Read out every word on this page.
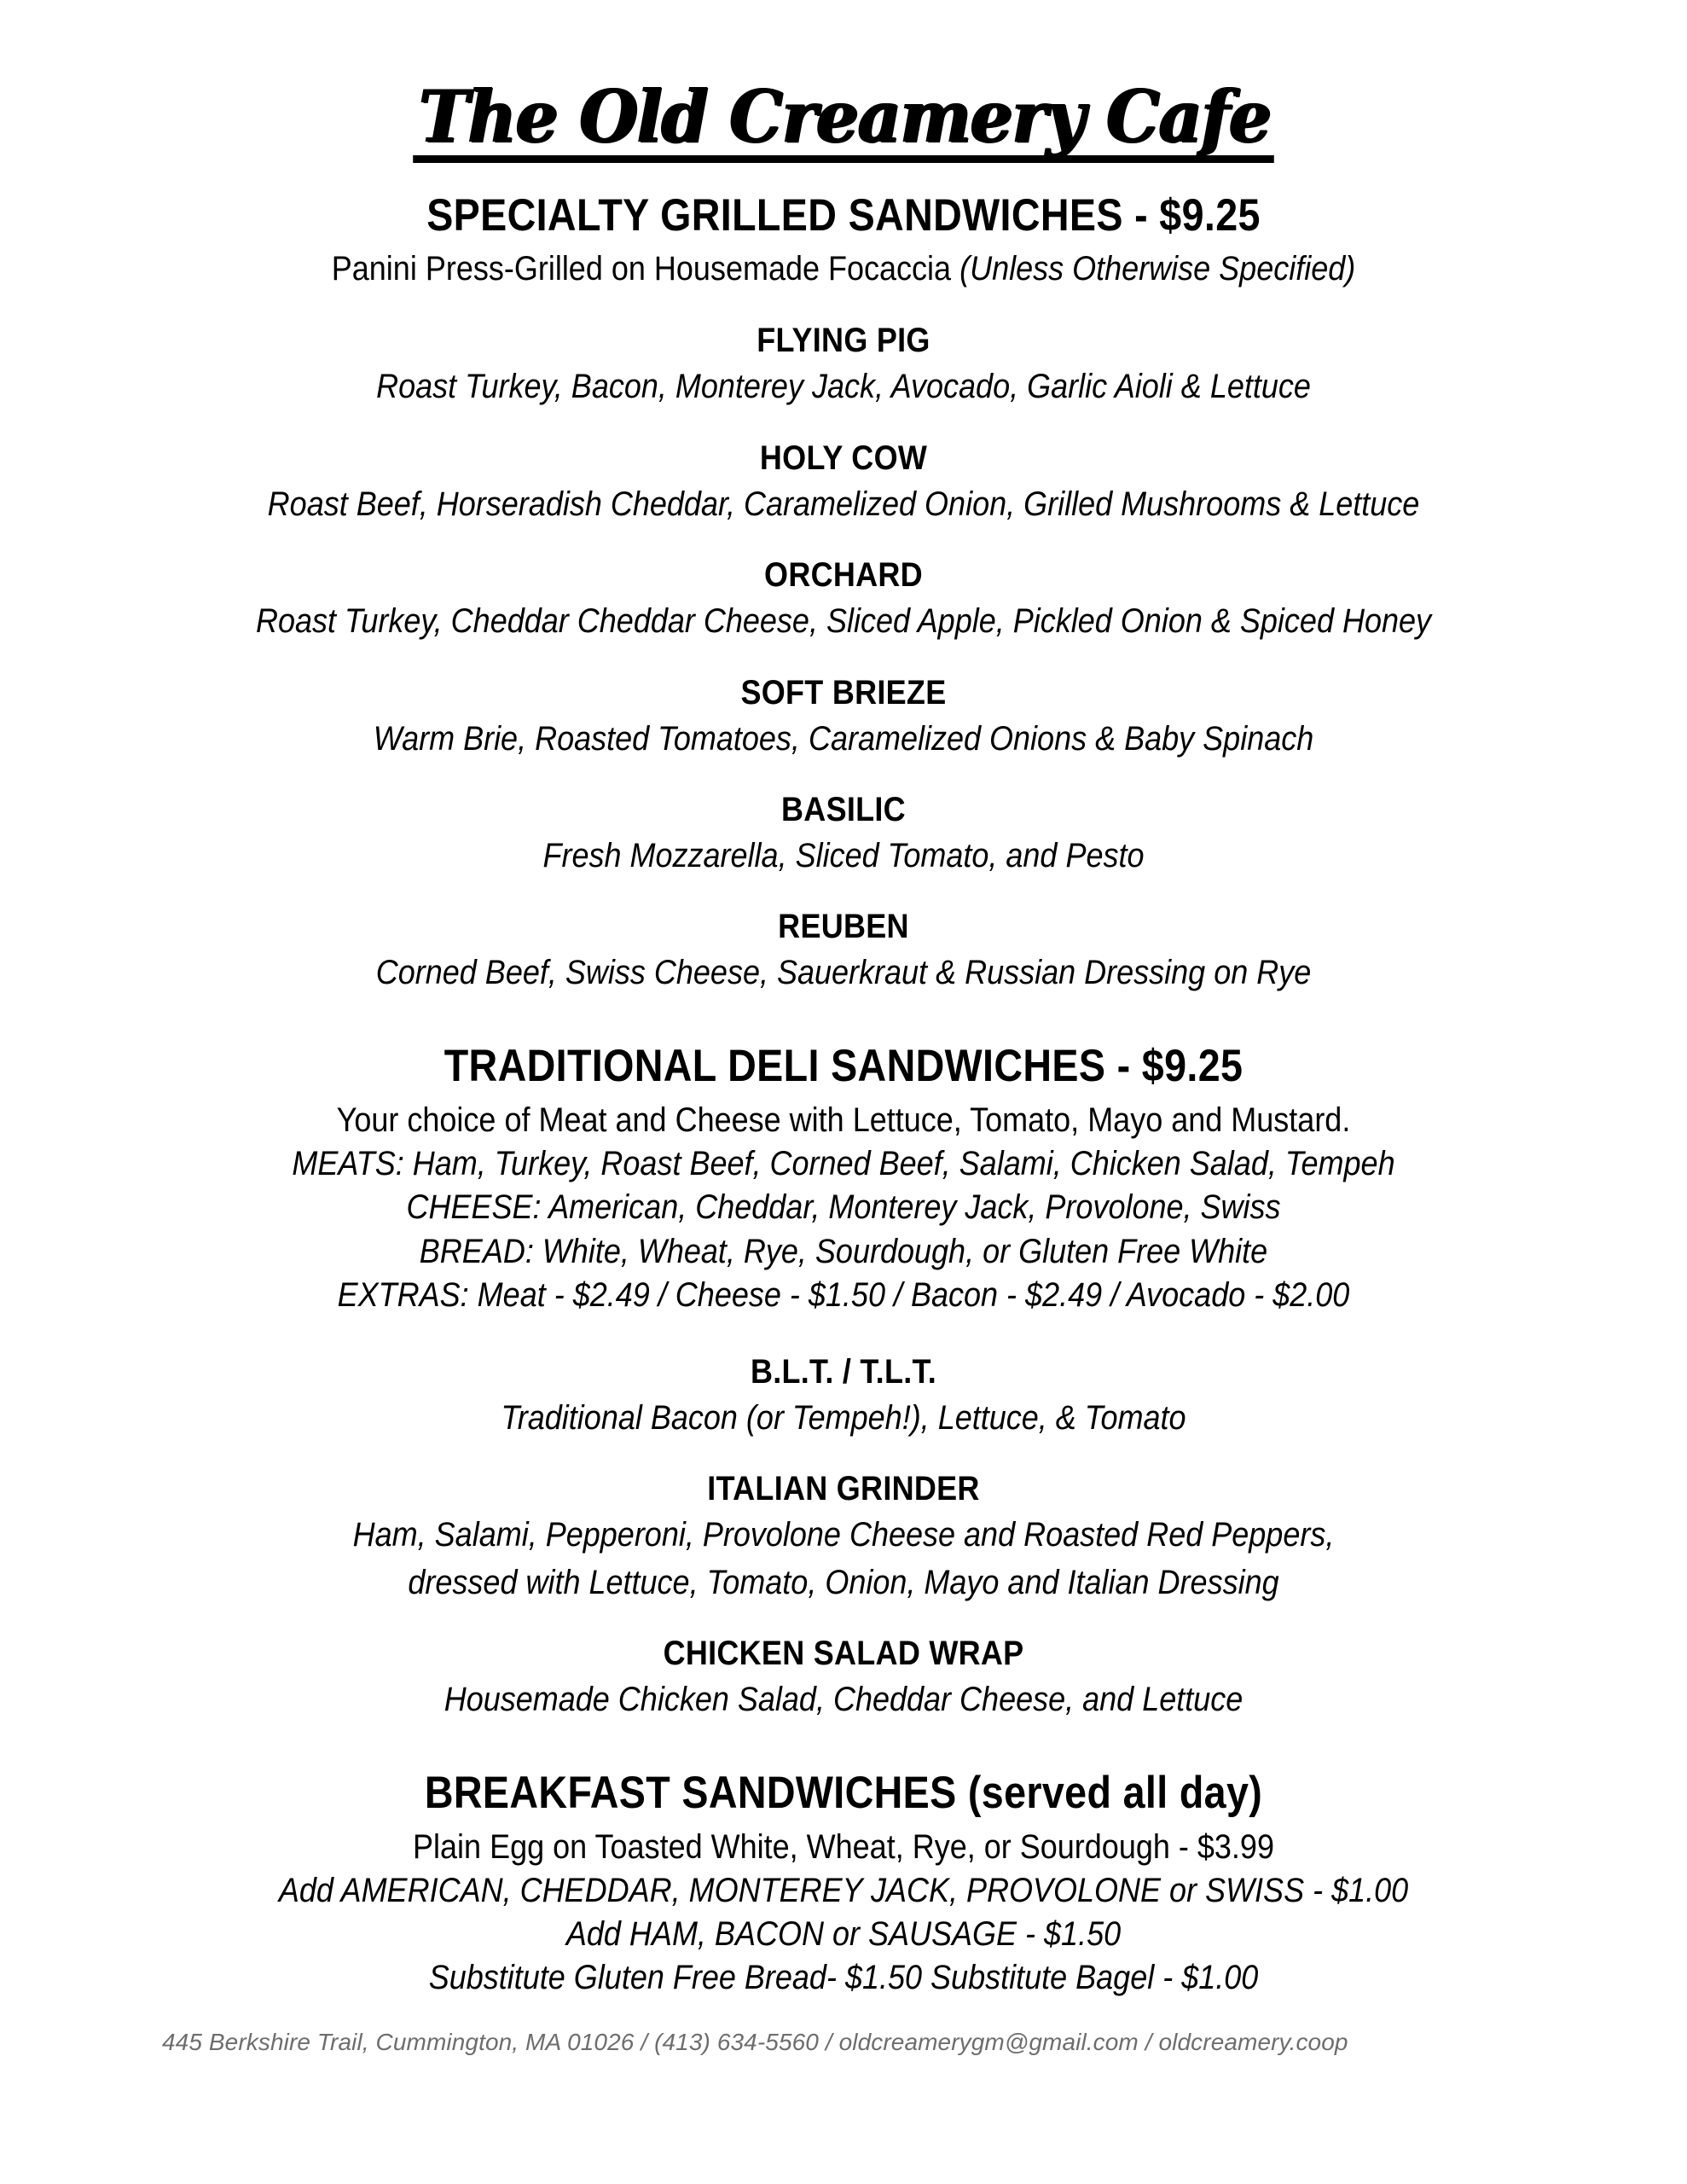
The Old Creamery Cafe
SPECIALTY GRILLED SANDWICHES - $9.25
Panini Press-Grilled on Housemade Focaccia (Unless Otherwise Specified)
FLYING PIG
Roast Turkey, Bacon, Monterey Jack, Avocado, Garlic Aioli & Lettuce
HOLY COW
Roast Beef, Horseradish Cheddar, Caramelized Onion, Grilled Mushrooms & Lettuce
ORCHARD
Roast Turkey, Cheddar Cheddar Cheese, Sliced Apple, Pickled Onion & Spiced Honey
SOFT BRIEZE
Warm Brie, Roasted Tomatoes, Caramelized Onions & Baby Spinach
BASILIC
Fresh Mozzarella, Sliced Tomato, and Pesto
REUBEN
Corned Beef, Swiss Cheese, Sauerkraut & Russian Dressing on Rye
TRADITIONAL DELI SANDWICHES - $9.25
Your choice of Meat and Cheese with Lettuce, Tomato, Mayo and Mustard.
MEATS: Ham, Turkey, Roast Beef, Corned Beef, Salami, Chicken Salad, Tempeh
CHEESE: American, Cheddar, Monterey Jack, Provolone, Swiss
BREAD: White, Wheat, Rye, Sourdough, or Gluten Free White
EXTRAS: Meat - $2.49 / Cheese - $1.50 / Bacon - $2.49 / Avocado - $2.00
B.L.T. / T.L.T.
Traditional Bacon (or Tempeh!), Lettuce, & Tomato
ITALIAN GRINDER
Ham, Salami, Pepperoni, Provolone Cheese and Roasted Red Peppers,
dressed with Lettuce, Tomato, Onion, Mayo and Italian Dressing
CHICKEN SALAD WRAP
Housemade Chicken Salad, Cheddar Cheese, and Lettuce
BREAKFAST SANDWICHES (served all day)
Plain Egg on Toasted White, Wheat, Rye, or Sourdough - $3.99
Add AMERICAN, CHEDDAR, MONTEREY JACK, PROVOLONE or SWISS - $1.00
Add HAM, BACON or SAUSAGE - $1.50
Substitute Gluten Free Bread- $1.50 Substitute Bagel - $1.00
445 Berkshire Trail, Cummington, MA 01026 / (413) 634-5560 / oldcreamerygm@gmail.com / oldcreamery.coop
